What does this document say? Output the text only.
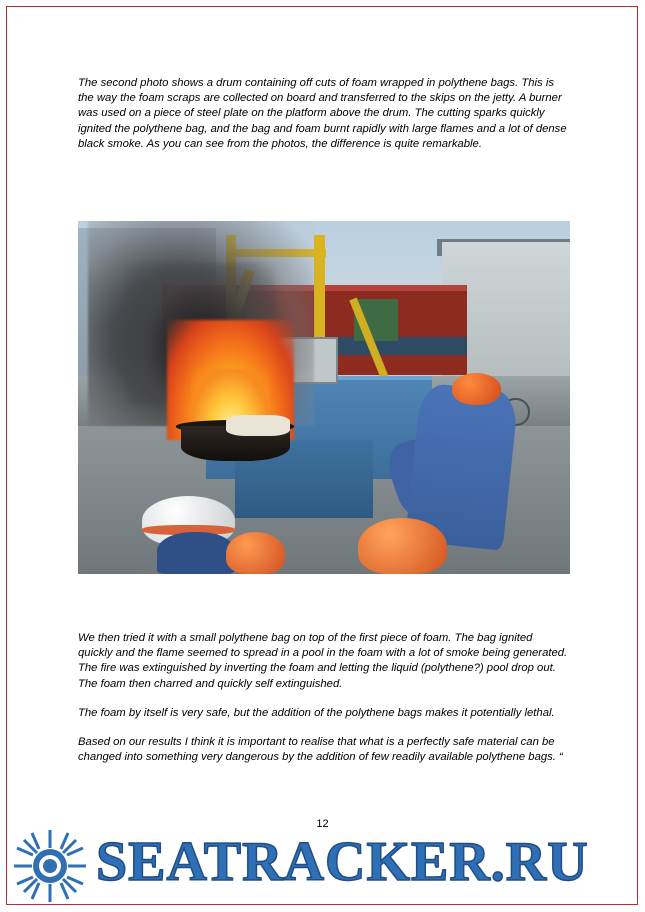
The second photo shows a drum containing off cuts of foam wrapped in polythene bags. This is the way the foam scraps are collected on board and transferred to the skips on the jetty. A burner was used on a piece of steel plate on the platform above the drum. The cutting sparks quickly ignited the polythene bag, and the bag and foam burnt rapidly with large flames and a lot of dense black smoke. As you can see from the photos, the difference is quite remarkable.

We then tried it with a small polythene bag on top of the first piece of foam. The bag ignited quickly and the flame seemed to spread in a pool in the foam with a lot of smoke being generated. The fire was extinguished by inverting the foam and letting the liquid (polythene?) pool drop out. The foam then charred and quickly self extinguished.

The foam by itself is very safe, but the addition of the polythene bags makes it potentially lethal.

Based on our results I think it is important to realise that what is a perfectly safe material can be changed into something very dangerous by the addition of few readily available polythene bags. “

12
SEATRACKER.RU
